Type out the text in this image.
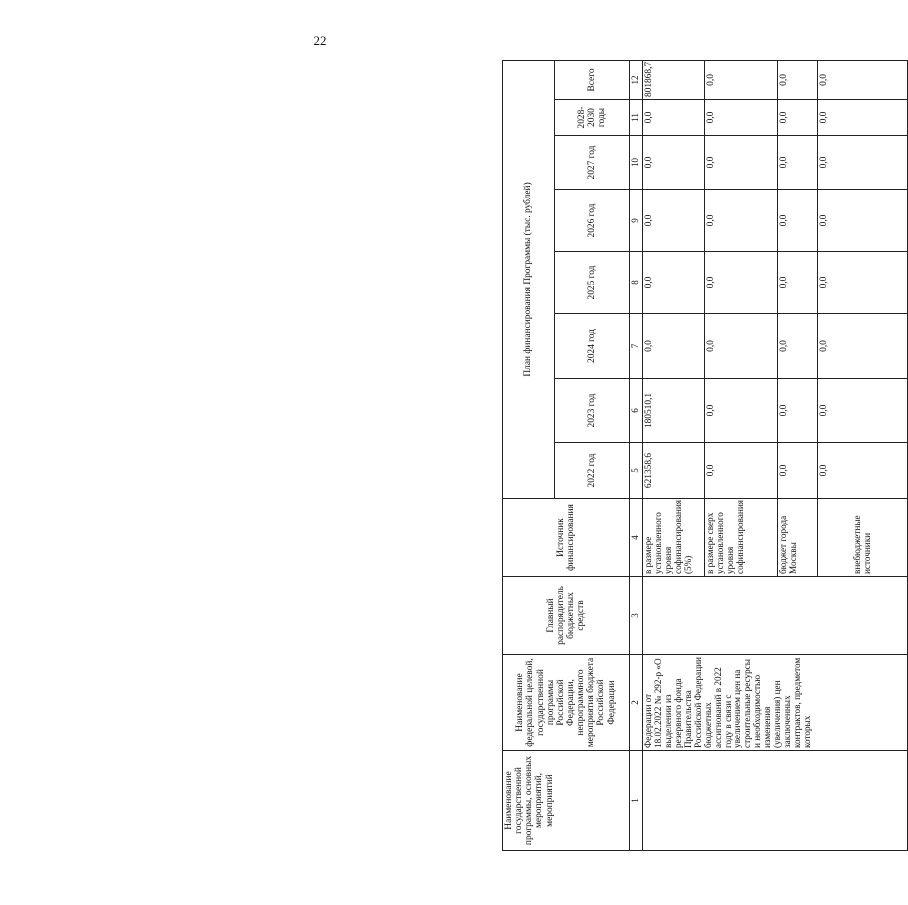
22
Наименование государственной программы, основных мероприятий, мероприятий	Наименование федеральной целевой, государственной программы Российской Федерации, непрограммного мероприятия бюджета Российской Федерации	Главный распорядитель бюджетных средств	Источник финансирования	План финансирования Программы (тыс. рублей)							
				2022 год	2023 год	2024 год	2025 год	2026 год	2027 год	2028-2030 годы	Всего
1	2	3	4	5	6	7	8	9	10	11	12
	Федерации от 18.02.2022 № 292-р «О выделении из резервного фонда Правительства Российской Федерации бюджетных ассигнований в 2022 году в связи с увеличением цен на строительные ресурсы и необходимостью изменения (увеличения) цен заключенных контрактов, предметом которых		в размере установленного уровня софинансирования (5%)	621358,6	180510,1	0,0	0,0	0,0	0,0	0,0	801868,7
			в размере сверх установленного уровня софинансирования	0,0	0,0	0,0	0,0	0,0	0,0	0,0	0,0
			бюджет города Москвы	0,0	0,0	0,0	0,0	0,0	0,0	0,0	0,0
			внебюджетные источники	0,0	0,0	0,0	0,0	0,0	0,0	0,0	0,0
